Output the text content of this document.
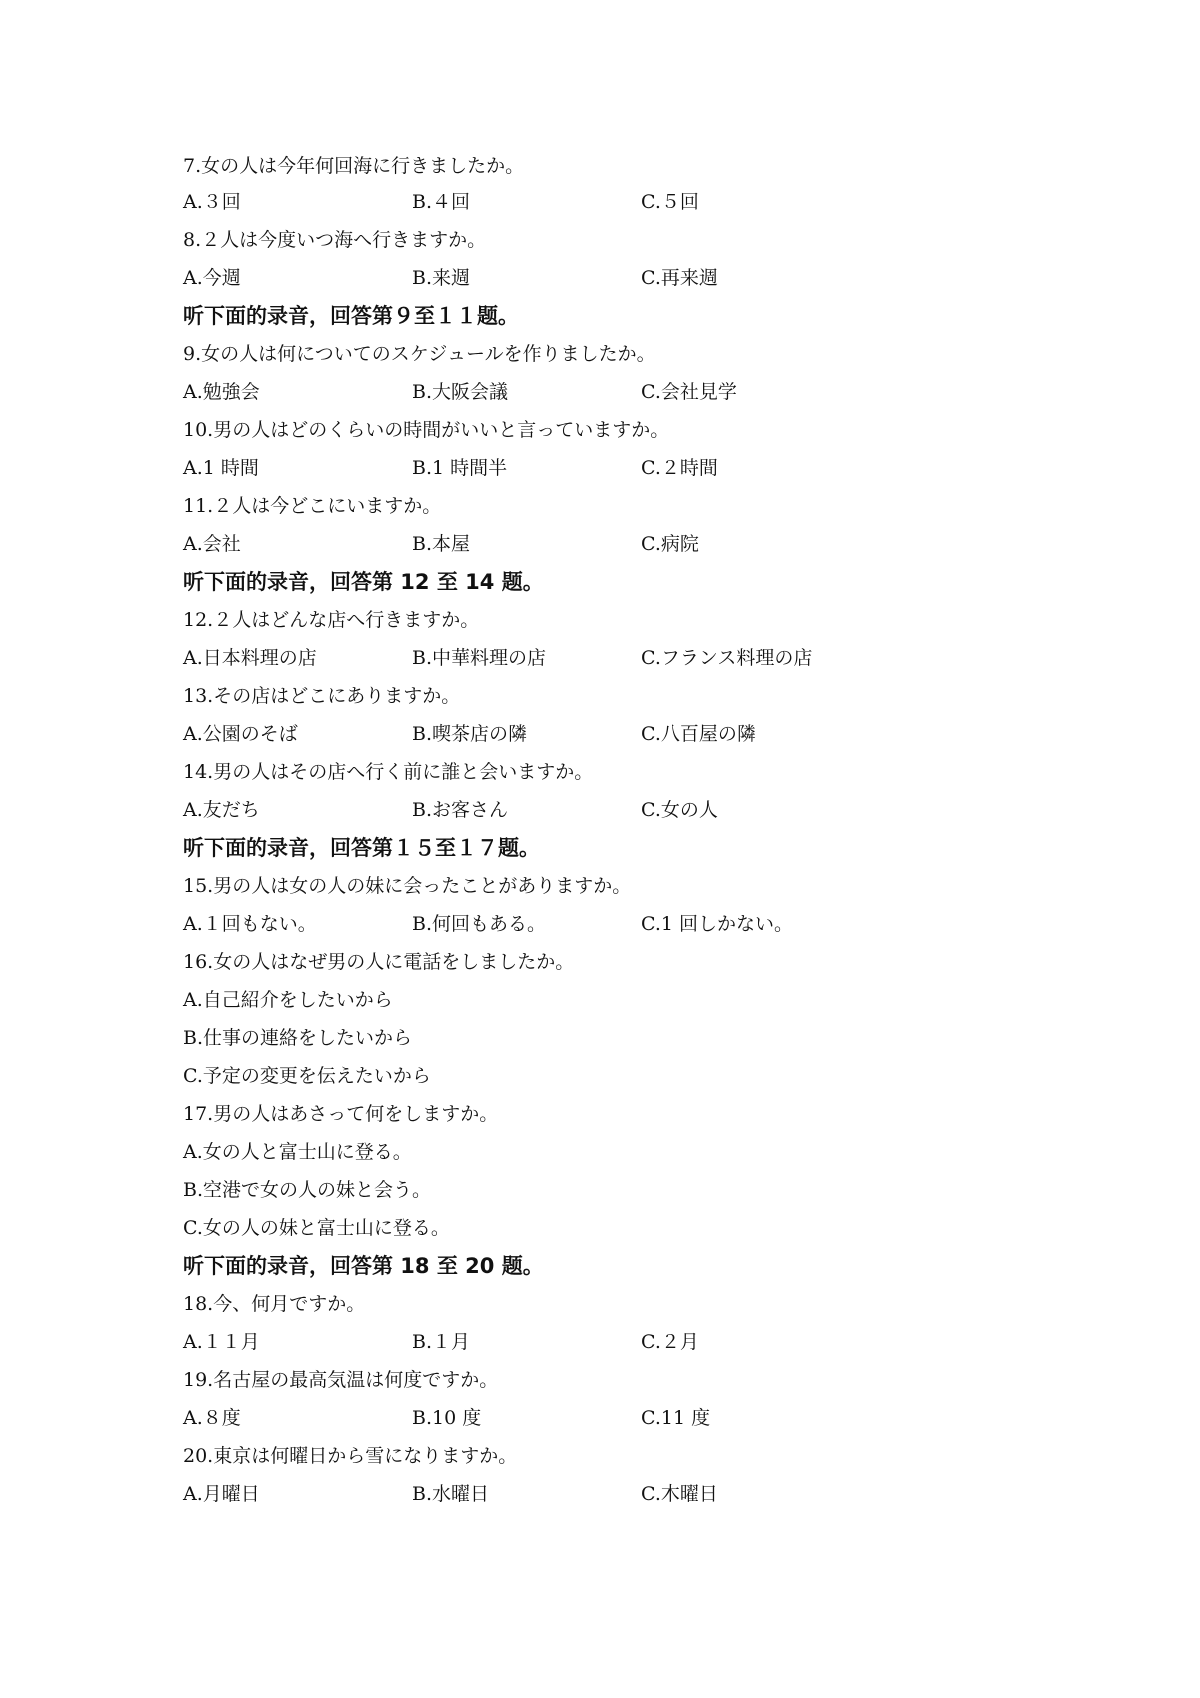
7.女の人は今年何回海に行きましたか。
A.３回	B.４回	C.５回
8.２人は今度いつ海へ行きますか。
A.今週	B.来週	C.再来週
听下面的录音，回答第９至１１题。
9.女の人は何についてのスケジュールを作りましたか。
A.勉強会	B.大阪会議	C.会社見学
10.男の人はどのくらいの時間がいいと言っていますか。
A.1 時間	B.1 時間半	C.２時間
11.２人は今どこにいますか。
A.会社	B.本屋	C.病院
听下面的录音，回答第 12 至 14 题。
12.２人はどんな店へ行きますか。
A.日本料理の店	B.中華料理の店	C.フランス料理の店
13.その店はどこにありますか。
A.公園のそば	B.喫茶店の隣	C.八百屋の隣
14.男の人はその店へ行く前に誰と会いますか。
A.友だち	B.お客さん	C.女の人
听下面的录音，回答第１５至１７题。
15.男の人は女の人の妹に会ったことがありますか。
A.１回もない。	B.何回もある。	C.1 回しかない。
16.女の人はなぜ男の人に電話をしましたか。
A.自己紹介をしたいから
B.仕事の連絡をしたいから
C.予定の変更を伝えたいから
17.男の人はあさって何をしますか。
A.女の人と富士山に登る。
B.空港で女の人の妹と会う。
C.女の人の妹と富士山に登る。
听下面的录音，回答第 18 至 20 题。
18.今、何月ですか。
A.１１月	B.１月	C.２月
19.名古屋の最高気温は何度ですか。
A.８度	B.10 度	C.11 度
20.東京は何曜日から雪になりますか。
A.月曜日	B.水曜日	C.木曜日
